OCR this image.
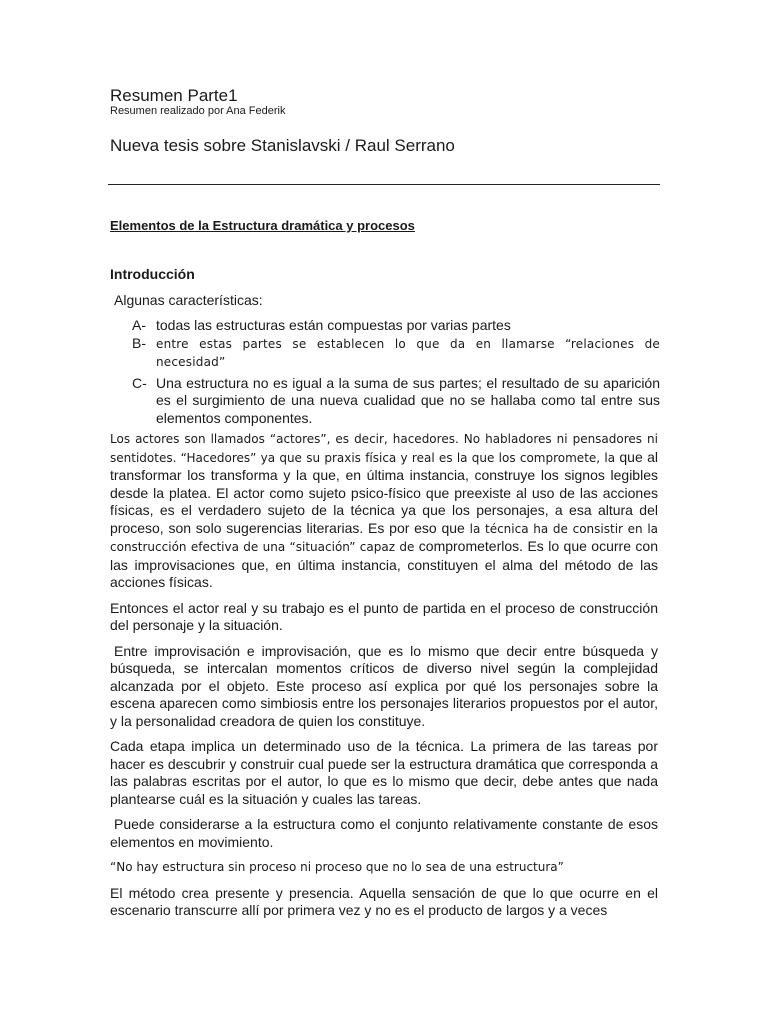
Resumen Parte1
Resumen realizado por Ana Federik
Nueva tesis sobre Stanislavski / Raul Serrano
Elementos de la Estructura dramática y procesos
Introducción
Algunas características:
A- todas las estructuras están compuestas por varias partes
B- entre estas partes se establecen lo que da en llamarse “relaciones de necesidad”
C- Una estructura no es igual a la suma de sus partes; el resultado de su aparición es el surgimiento de una nueva cualidad que no se hallaba como tal entre sus elementos componentes.

Los actores son llamados “actores”, es decir, hacedores. No habladores ni pensadores ni sentidotes. “Hacedores” ya que su praxis física y real es la que los compromete, la que al transformar los transforma y la que, en última instancia, construye los signos legibles desde la platea. El actor como sujeto psico-físico que preexiste al uso de las acciones físicas, es el verdadero sujeto de la técnica ya que los personajes, a esa altura del proceso, son solo sugerencias literarias. Es por eso que la técnica ha de consistir en la construcción efectiva de una “situación” capaz de comprometerlos. Es lo que ocurre con las improvisaciones que, en última instancia, constituyen el alma del método de las acciones físicas.

Entonces el actor real y su trabajo es el punto de partida en el proceso de construcción del personaje y la situación.

Entre improvisación e improvisación, que es lo mismo que decir entre búsqueda y búsqueda, se intercalan momentos críticos de diverso nivel según la complejidad alcanzada por el objeto. Este proceso así explica por qué los personajes sobre la escena aparecen como simbiosis entre los personajes literarios propuestos por el autor, y la personalidad creadora de quien los constituye.

Cada etapa implica un determinado uso de la técnica. La primera de las tareas por hacer es descubrir y construir cual puede ser la estructura dramática que corresponda a las palabras escritas por el autor, lo que es lo mismo que decir, debe antes que nada plantearse cuál es la situación y cuales las tareas.

Puede considerarse a la estructura como el conjunto relativamente constante de esos elementos en movimiento.

“No hay estructura sin proceso ni proceso que no lo sea de una estructura”

El método crea presente y presencia. Aquella sensación de que lo que ocurre en el escenario transcurre allí por primera vez y no es el producto de largos y a veces
